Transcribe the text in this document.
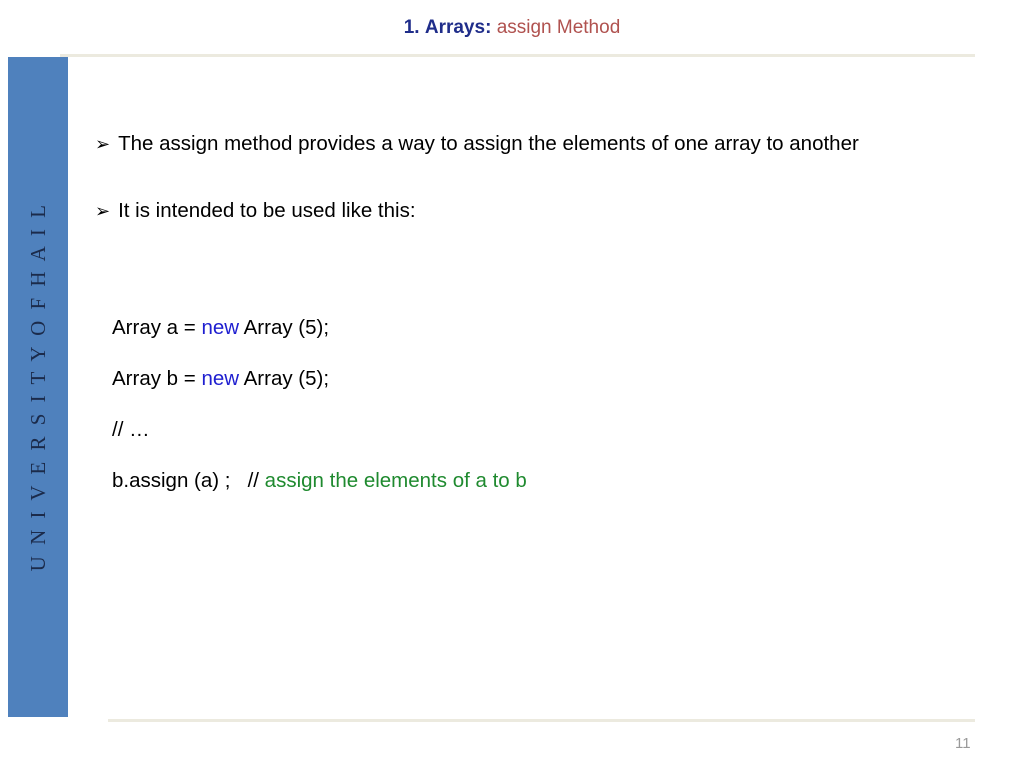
1. Arrays: assign Method
U N I V E R S I T Y O F H A I L
➢ The assign method provides a way to assign the elements of one array to another
➢ It is intended to be used like this:
Array a = new Array (5);
Array b = new Array (5);
// …
b.assign (a) ;   // assign the elements of a to b
11
